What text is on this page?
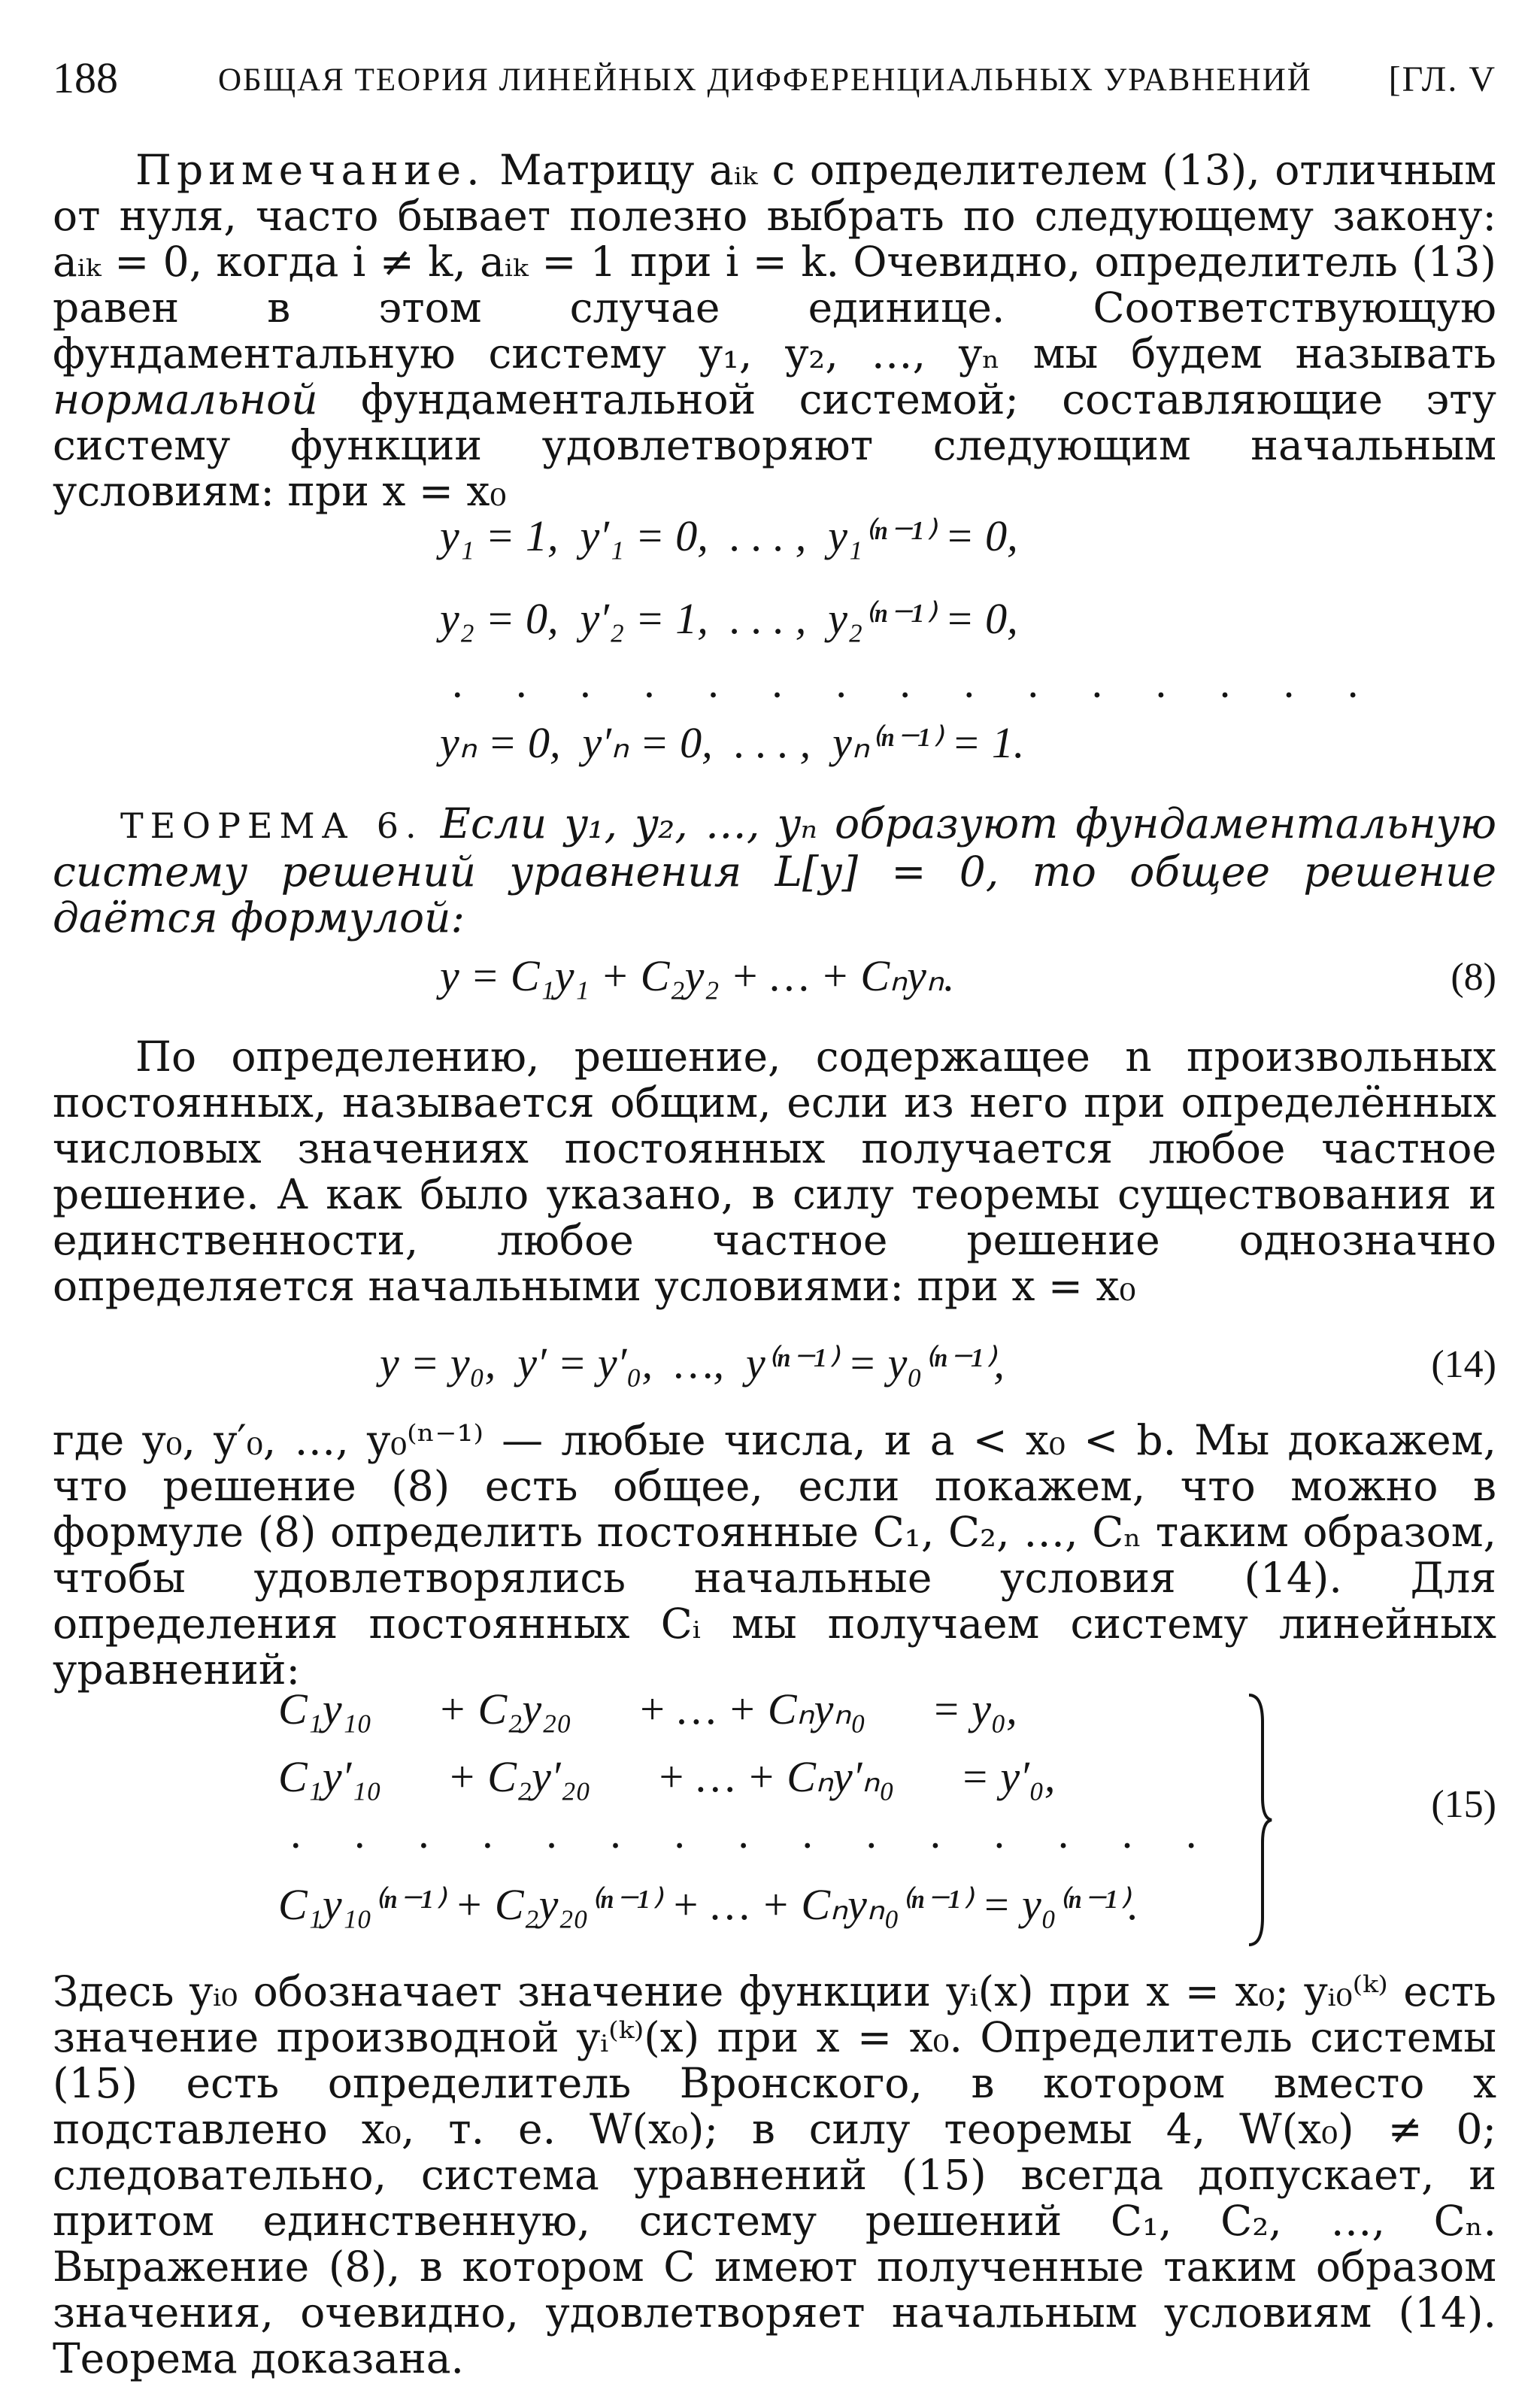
188	ОБЩАЯ ТЕОРИЯ ЛИНЕЙНЫХ ДИФФЕРЕНЦИАЛЬНЫХ УРАВНЕНИЙ [ГЛ. V
Примечание. Матрицу aᵢₖ с определителем (13), отличным от нуля, часто бывает полезно выбрать по следующему закону: aᵢₖ = 0, когда i ≠ k, aᵢₖ = 1 при i = k. Очевидно, определитель (13) равен в этом случае единице. Соответствующую фундаментальную систему y₁, y₂, …, yₙ мы будем называть нормальной фундаментальной системой; составляющие эту систему функции удовлетворяют следующим начальным условиям: при x = x₀
y₁ = 1,  y′₁ = 0,  . . . ,  y₁⁽ⁿ⁻¹⁾ = 0,
y₂ = 0,  y′₂ = 1,  . . . ,  y₂⁽ⁿ⁻¹⁾ = 0,
. . . . . . . . . . . . . . .
yₙ = 0,  y′ₙ = 0,  . . . ,  yₙ⁽ⁿ⁻¹⁾ = 1.
ТЕОРЕМА 6. Если y₁, y₂, …, yₙ образуют фундаментальную систему решений уравнения L[y] = 0, то общее решение даётся формулой:
y = C₁y₁ + C₂y₂ + … + Cₙyₙ.	(8)
По определению, решение, содержащее n произвольных постоянных, называется общим, если из него при определённых числовых значениях постоянных получается любое частное решение. А как было указано, в силу теоремы существования и единственности, любое частное решение однозначно определяется начальными условиями: при x = x₀
y = y₀,  y′ = y′₀,  …,  y⁽ⁿ⁻¹⁾ = y₀⁽ⁿ⁻¹⁾,	(14)
где y₀, y′₀, …, y₀⁽ⁿ⁻¹⁾ — любые числа, и a < x₀ < b. Мы докажем, что решение (8) есть общее, если покажем, что можно в формуле (8) определить постоянные C₁, C₂, …, Cₙ таким образом, чтобы удовлетворялись начальные условия (14). Для определения постоянных Cᵢ мы получаем систему линейных уравнений:
C₁y₁₀      + C₂y₂₀      + … + Cₙyₙ₀      = y₀,
C₁y′₁₀      + C₂y′₂₀      + … + Cₙy′ₙ₀      = y′₀,
. . . . . . . . . . . . . . .
C₁y₁₀⁽ⁿ⁻¹⁾ + C₂y₂₀⁽ⁿ⁻¹⁾ + … + Cₙyₙ₀⁽ⁿ⁻¹⁾ = y₀⁽ⁿ⁻¹⁾.
(15)
Здесь yᵢ₀ обозначает значение функции yᵢ(x) при x = x₀; yᵢ₀⁽ᵏ⁾ есть значение производной yᵢ⁽ᵏ⁾(x) при x = x₀. Определитель системы (15) есть определитель Вронского, в котором вместо x подставлено x₀, т. е. W(x₀); в силу теоремы 4, W(x₀) ≠ 0; следовательно, система уравнений (15) всегда допускает, и притом единственную, систему решений C₁, C₂, …, Cₙ. Выражение (8), в котором C имеют полученные таким образом значения, очевидно, удовлетворяет начальным условиям (14). Теорема доказана.
